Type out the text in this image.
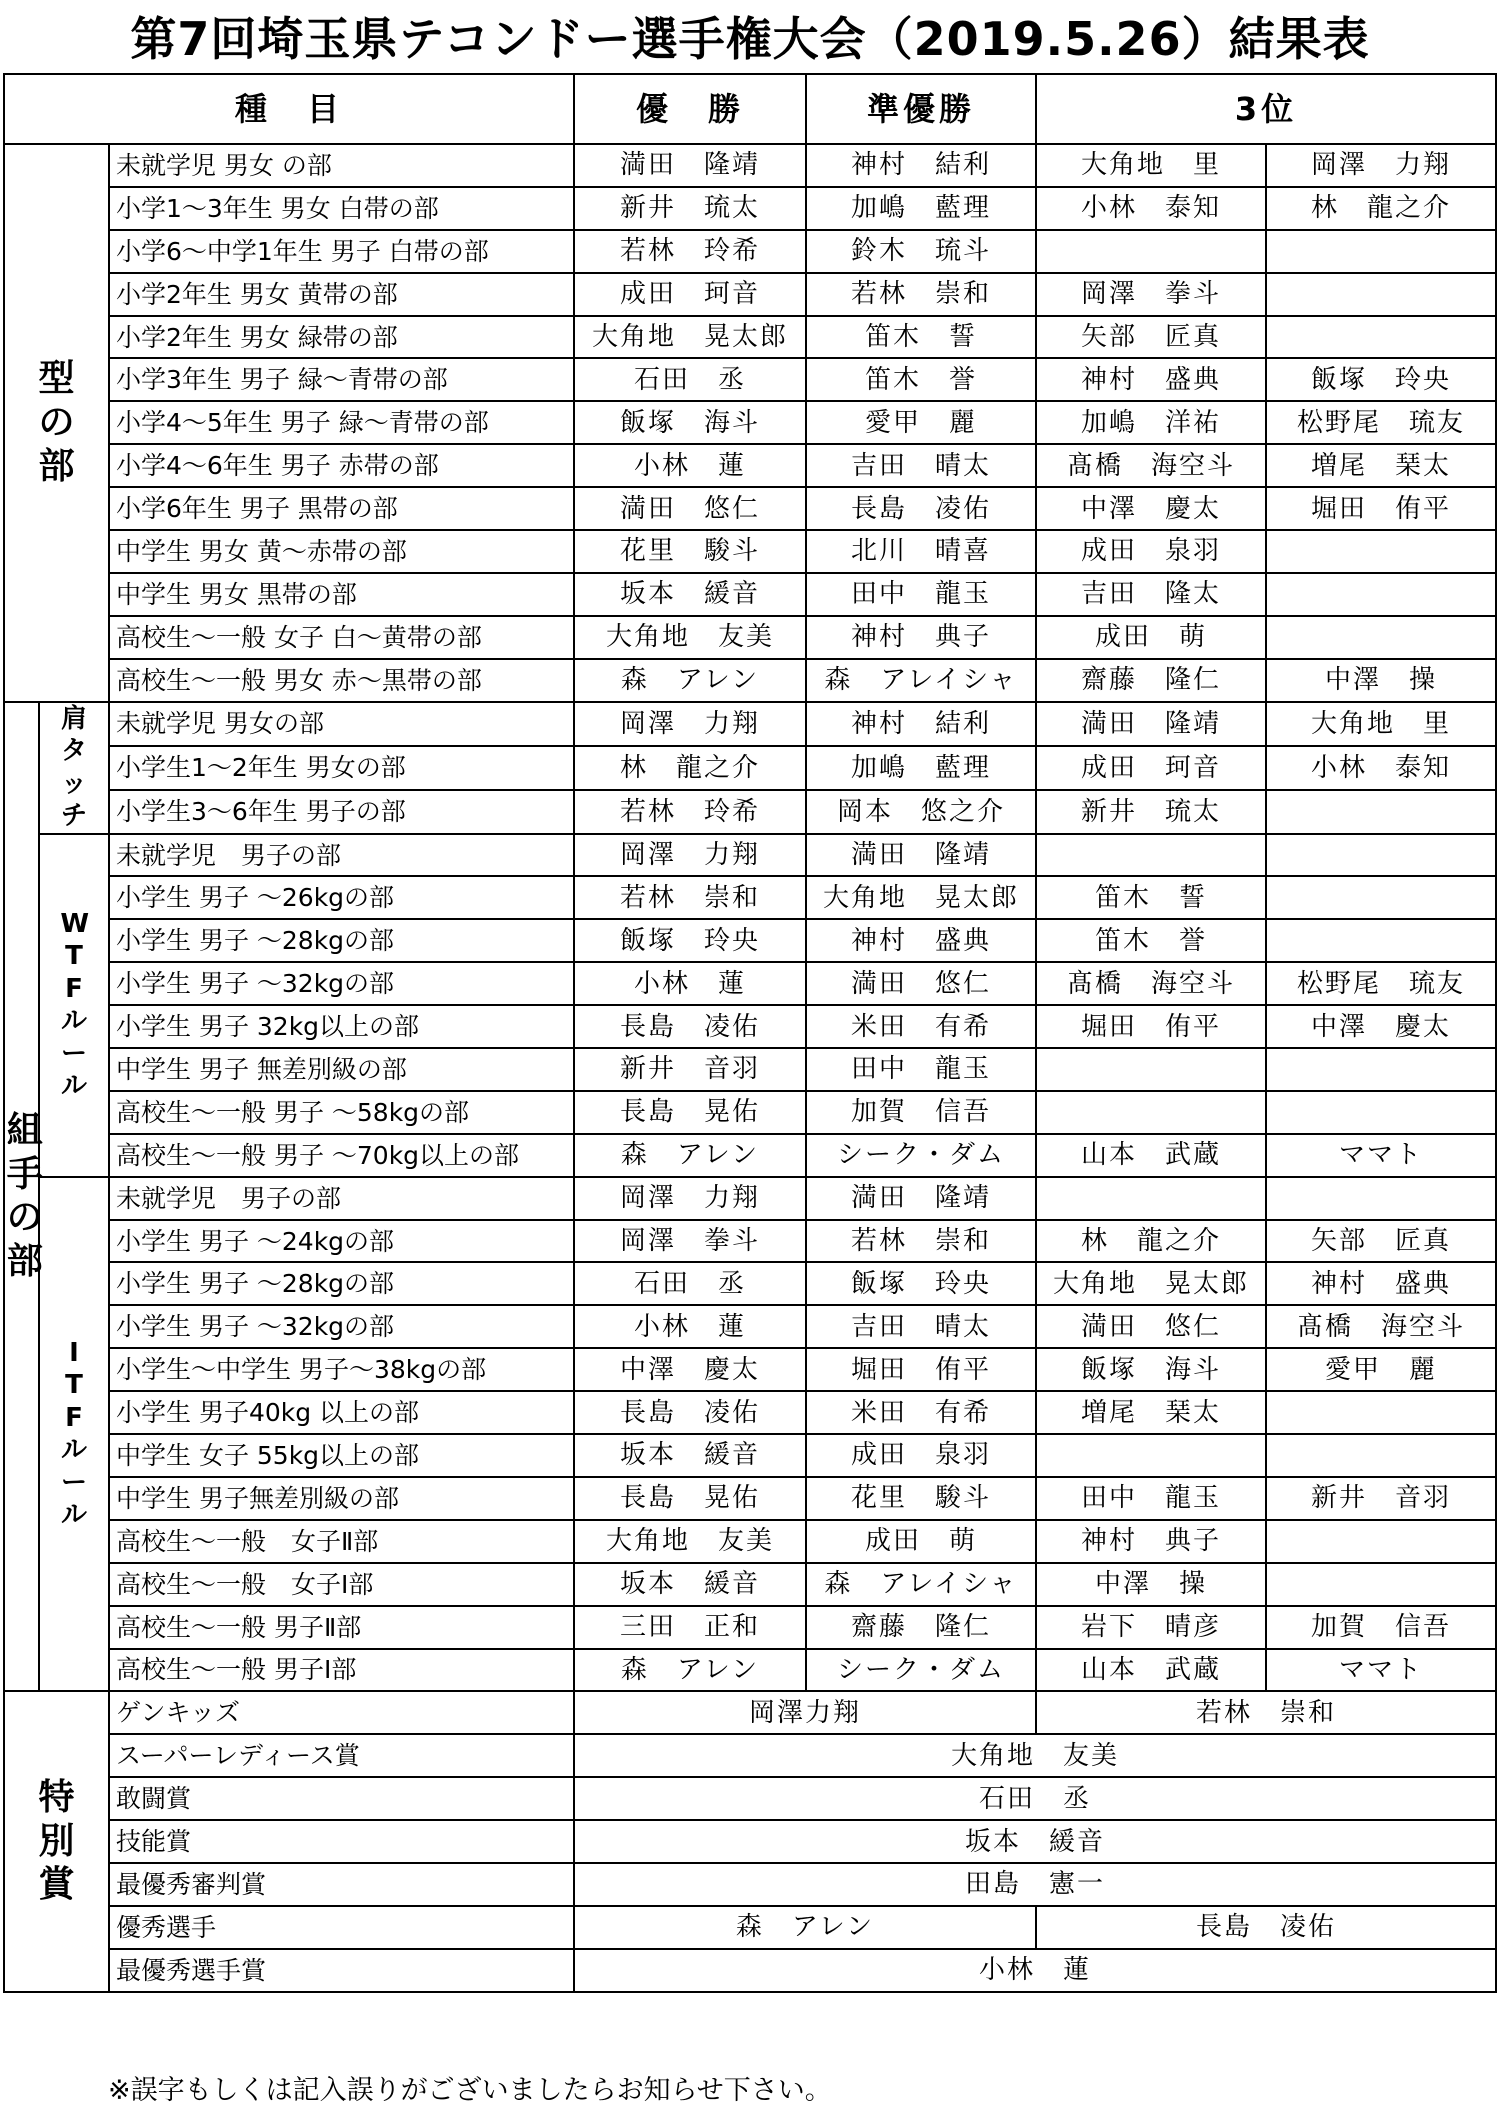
第7回埼玉県テコンドー選手権大会（2019.5.26）結果表
種　目			優　勝	準優勝	3位	
型の部		未就学児 男女 の部	満田　隆靖	神村　結利	大角地　里	岡澤　力翔
		小学1～3年生 男女 白帯の部	新井　琉太	加嶋　藍理	小林　泰知	林　龍之介
		小学6～中学1年生 男子 白帯の部	若林　玲希	鈴木　琉斗		
		小学2年生 男女 黄帯の部	成田　珂音	若林　崇和	岡澤　拳斗	
		小学2年生 男女 緑帯の部	大角地　晃太郎	笛木　誓	矢部　匠真	
		小学3年生 男子 緑～青帯の部	石田　丞	笛木　誉	神村　盛典	飯塚　玲央
		小学4～5年生 男子 緑～青帯の部	飯塚　海斗	愛甲　麗	加嶋　洋祐	松野尾　琉友
		小学4～6年生 男子 赤帯の部	小林　蓮	吉田　晴太	髙橋　海空斗	増尾　琹太
		小学6年生 男子 黒帯の部	満田　悠仁	長島　凌佑	中澤　慶太	堀田　侑平
		中学生 男女 黄～赤帯の部	花里　駿斗	北川　晴喜	成田　泉羽	
		中学生 男女 黒帯の部	坂本　緩音	田中　龍玉	吉田　隆太	
		高校生～一般 女子 白～黄帯の部	大角地　友美	神村　典子	成田　萌	
		高校生～一般 男女 赤～黒帯の部	森　アレン	森　アレイシャ	齋藤　隆仁	中澤　操
組手の部	肩タッチ	未就学児 男女の部	岡澤　力翔	神村　結利	満田　隆靖	大角地　里
		小学生1～2年生 男女の部	林　龍之介	加嶋　藍理	成田　珂音	小林　泰知
		小学生3～6年生 男子の部	若林　玲希	岡本　悠之介	新井　琉太	
	WTFルール	未就学児　男子の部	岡澤　力翔	満田　隆靖		
		小学生 男子 ～26kgの部	若林　崇和	大角地　晃太郎	笛木　誓	
		小学生 男子 ～28kgの部	飯塚　玲央	神村　盛典	笛木　誉	
		小学生 男子 ～32kgの部	小林　蓮	満田　悠仁	髙橋　海空斗	松野尾　琉友
		小学生 男子 32kg以上の部	長島　凌佑	米田　有希	堀田　侑平	中澤　慶太
		中学生 男子 無差別級の部	新井　音羽	田中　龍玉		
		高校生～一般 男子 ～58kgの部	長島　晃佑	加賀　信吾		
		高校生～一般 男子 ～70kg以上の部	森　アレン	シーク・ダム	山本　武蔵	ママト
	ITFルール	未就学児　男子の部	岡澤　力翔	満田　隆靖		
		小学生 男子 ～24kgの部	岡澤　拳斗	若林　崇和	林　龍之介	矢部　匠真
		小学生 男子 ～28kgの部	石田　丞	飯塚　玲央	大角地　晃太郎	神村　盛典
		小学生 男子 ～32kgの部	小林　蓮	吉田　晴太	満田　悠仁	髙橋　海空斗
		小学生～中学生 男子～38kgの部	中澤　慶太	堀田　侑平	飯塚　海斗	愛甲　麗
		小学生 男子40kg 以上の部	長島　凌佑	米田　有希	増尾　琹太	
		中学生 女子 55kg以上の部	坂本　緩音	成田　泉羽		
		中学生 男子無差別級の部	長島　晃佑	花里　駿斗	田中　龍玉	新井　音羽
		高校生～一般　女子Ⅱ部	大角地　友美	成田　萌	神村　典子	
		高校生～一般　女子Ⅰ部	坂本　緩音	森　アレイシャ	中澤　操	
		高校生～一般 男子Ⅱ部	三田　正和	齋藤　隆仁	岩下　晴彦	加賀　信吾
		高校生～一般 男子Ⅰ部	森　アレン	シーク・ダム	山本　武蔵	ママト
特別賞		ゲンキッズ	岡澤力翔		若林　崇和	
		スーパーレディース賞	大角地　友美			
		敢闘賞	石田　丞			
		技能賞	坂本　緩音			
		最優秀審判賞	田島　憲一			
		優秀選手	森　アレン		長島　凌佑	
		最優秀選手賞	小林　蓮			
※誤字もしくは記入誤りがございましたらお知らせ下さい。
